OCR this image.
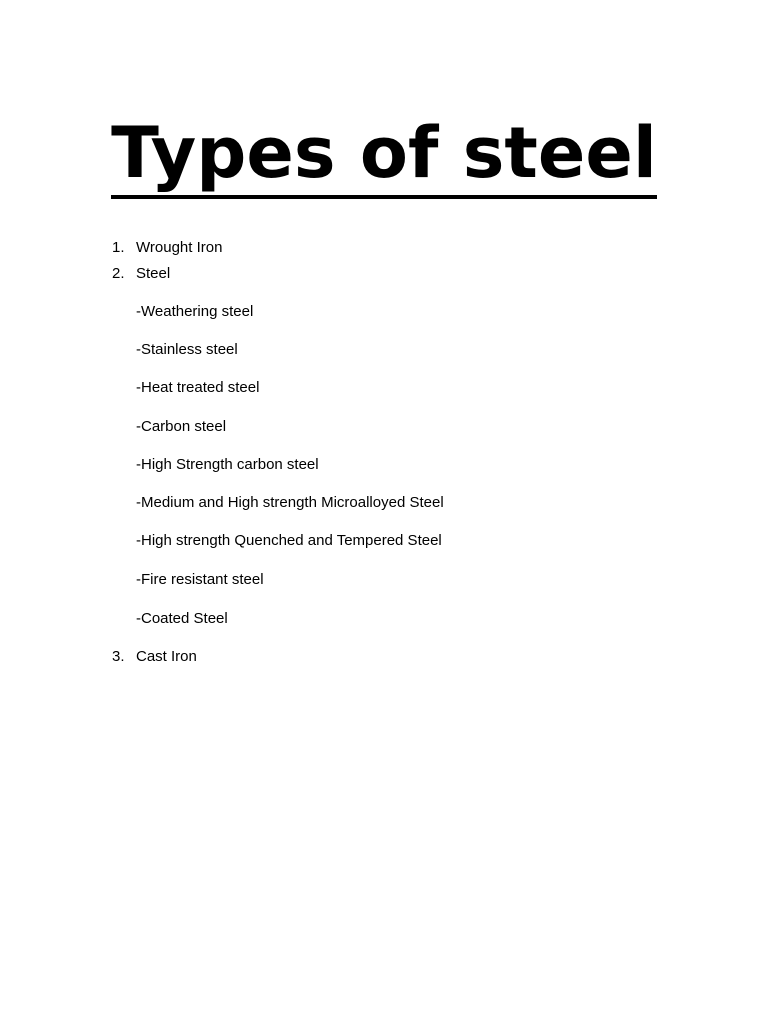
Types of steel
1. Wrought Iron
2. Steel
-Weathering steel
-Stainless steel
-Heat treated steel
-Carbon steel
-High Strength carbon steel
-Medium and High strength Microalloyed Steel
-High strength Quenched and Tempered Steel
-Fire resistant steel
-Coated Steel
3. Cast Iron
